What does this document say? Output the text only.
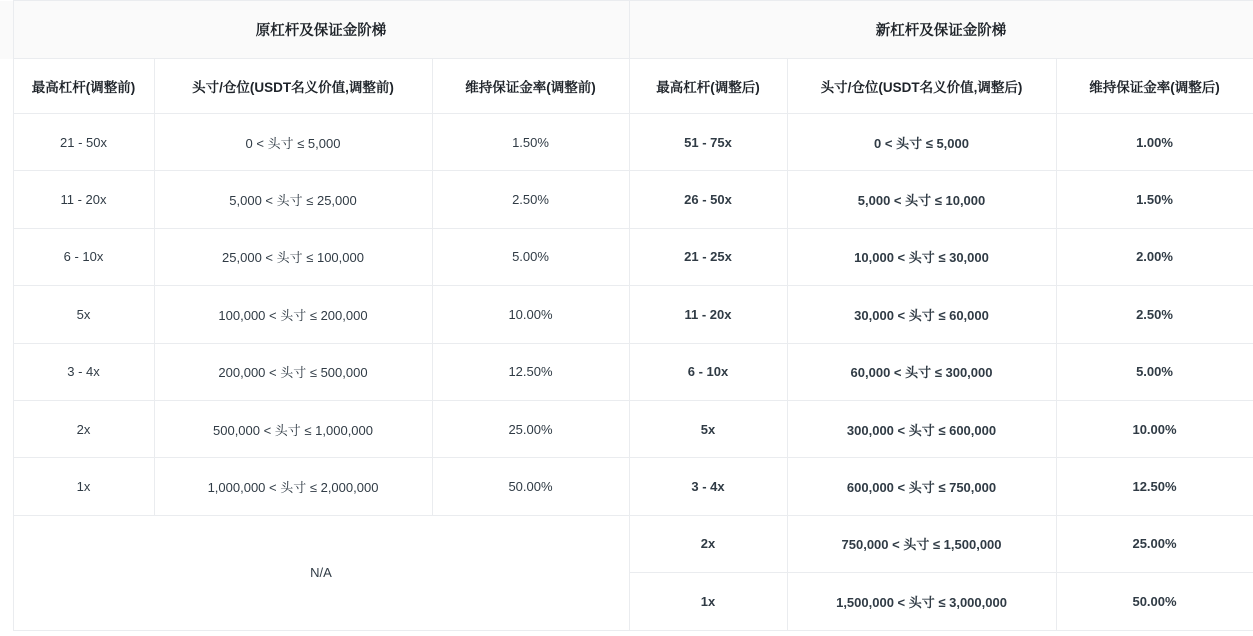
	原杠杆及保证金阶梯			新杠杆及保证金阶梯		
	最高杠杆(调整前)	头寸/仓位(USDT名义价值,调整前)	维持保证金率(调整前)	最高杠杆(调整后)	头寸/仓位(USDT名义价值,调整后)	维持保证金率(调整后)
	21 - 50x	0 < 头寸 ≤ 5,000	1.50%	51 - 75x	0 < 头寸 ≤ 5,000	1.00%
	11 - 20x	5,000 < 头寸 ≤ 25,000	2.50%	26 - 50x	5,000 < 头寸 ≤ 10,000	1.50%
	6 - 10x	25,000 < 头寸 ≤ 100,000	5.00%	21 - 25x	10,000 < 头寸 ≤ 30,000	2.00%
	5x	100,000 < 头寸 ≤ 200,000	10.00%	11 - 20x	30,000 < 头寸 ≤ 60,000	2.50%
	3 - 4x	200,000 < 头寸 ≤ 500,000	12.50%	6 - 10x	60,000 < 头寸 ≤ 300,000	5.00%
	2x	500,000 < 头寸 ≤ 1,000,000	25.00%	5x	300,000 < 头寸 ≤ 600,000	10.00%
	1x	1,000,000 < 头寸 ≤ 2,000,000	50.00%	3 - 4x	600,000 < 头寸 ≤ 750,000	12.50%
	N/A			2x	750,000 < 头寸 ≤ 1,500,000	25.00%
				1x	1,500,000 < 头寸 ≤ 3,000,000	50.00%
